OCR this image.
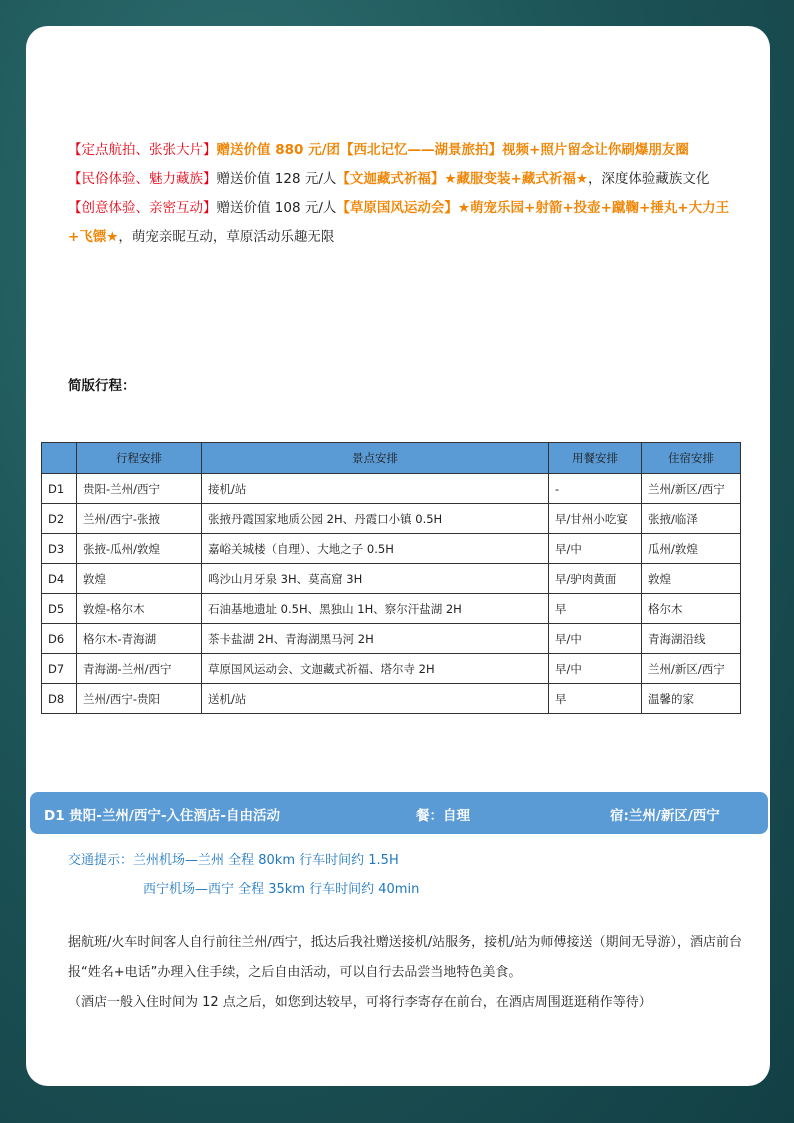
【定点航拍、张张大片】赠送价值 880 元/团【西北记忆——湖景旅拍】视频+照片留念让你刷爆朋友圈

【民俗体验、魅力藏族】赠送价值 128 元/人【文迦藏式祈福】★藏服变装+藏式祈福★，深度体验藏族文化

【创意体验、亲密互动】赠送价值 108 元/人【草原国风运动会】★萌宠乐园+射箭+投壶+蹴鞠+捶丸+大力王+飞镖★，萌宠亲昵互动，草原活动乐趣无限

简版行程：
	行程安排	景点安排	用餐安排	住宿安排
D1	贵阳-兰州/西宁	接机/站	-	兰州/新区/西宁
D2	兰州/西宁-张掖	张掖丹霞国家地质公园 2H、丹霞口小镇 0.5H	早/甘州小吃宴	张掖/临泽
D3	张掖-瓜州/敦煌	嘉峪关城楼（自理）、大地之子 0.5H	早/中	瓜州/敦煌
D4	敦煌	鸣沙山月牙泉 3H、莫高窟 3H	早/驴肉黄面	敦煌
D5	敦煌-格尔木	石油基地遗址 0.5H、黑独山 1H、察尔汗盐湖 2H	早	格尔木
D6	格尔木-青海湖	茶卡盐湖 2H、青海湖黑马河 2H	早/中	青海湖沿线
D7	青海湖-兰州/西宁	草原国风运动会、文迦藏式祈福、塔尔寺 2H	早/中	兰州/新区/西宁
D8	兰州/西宁-贵阳	送机/站	早	温馨的家
D1 贵阳-兰州/西宁-入住酒店-自由活动	餐：自理	宿:兰州/新区/西宁
交通提示：兰州机场—兰州 全程 80km 行车时间约 1.5H
西宁机场—西宁 全程 35km 行车时间约 40min

据航班/火车时间客人自行前往兰州/西宁，抵达后我社赠送接机/站服务，接机/站为师傅接送（期间无导游），酒店前台报“姓名+电话”办理入住手续，之后自由活动，可以自行去品尝当地特色美食。

（酒店一般入住时间为 12 点之后，如您到达较早，可将行李寄存在前台，在酒店周围逛逛稍作等待）
